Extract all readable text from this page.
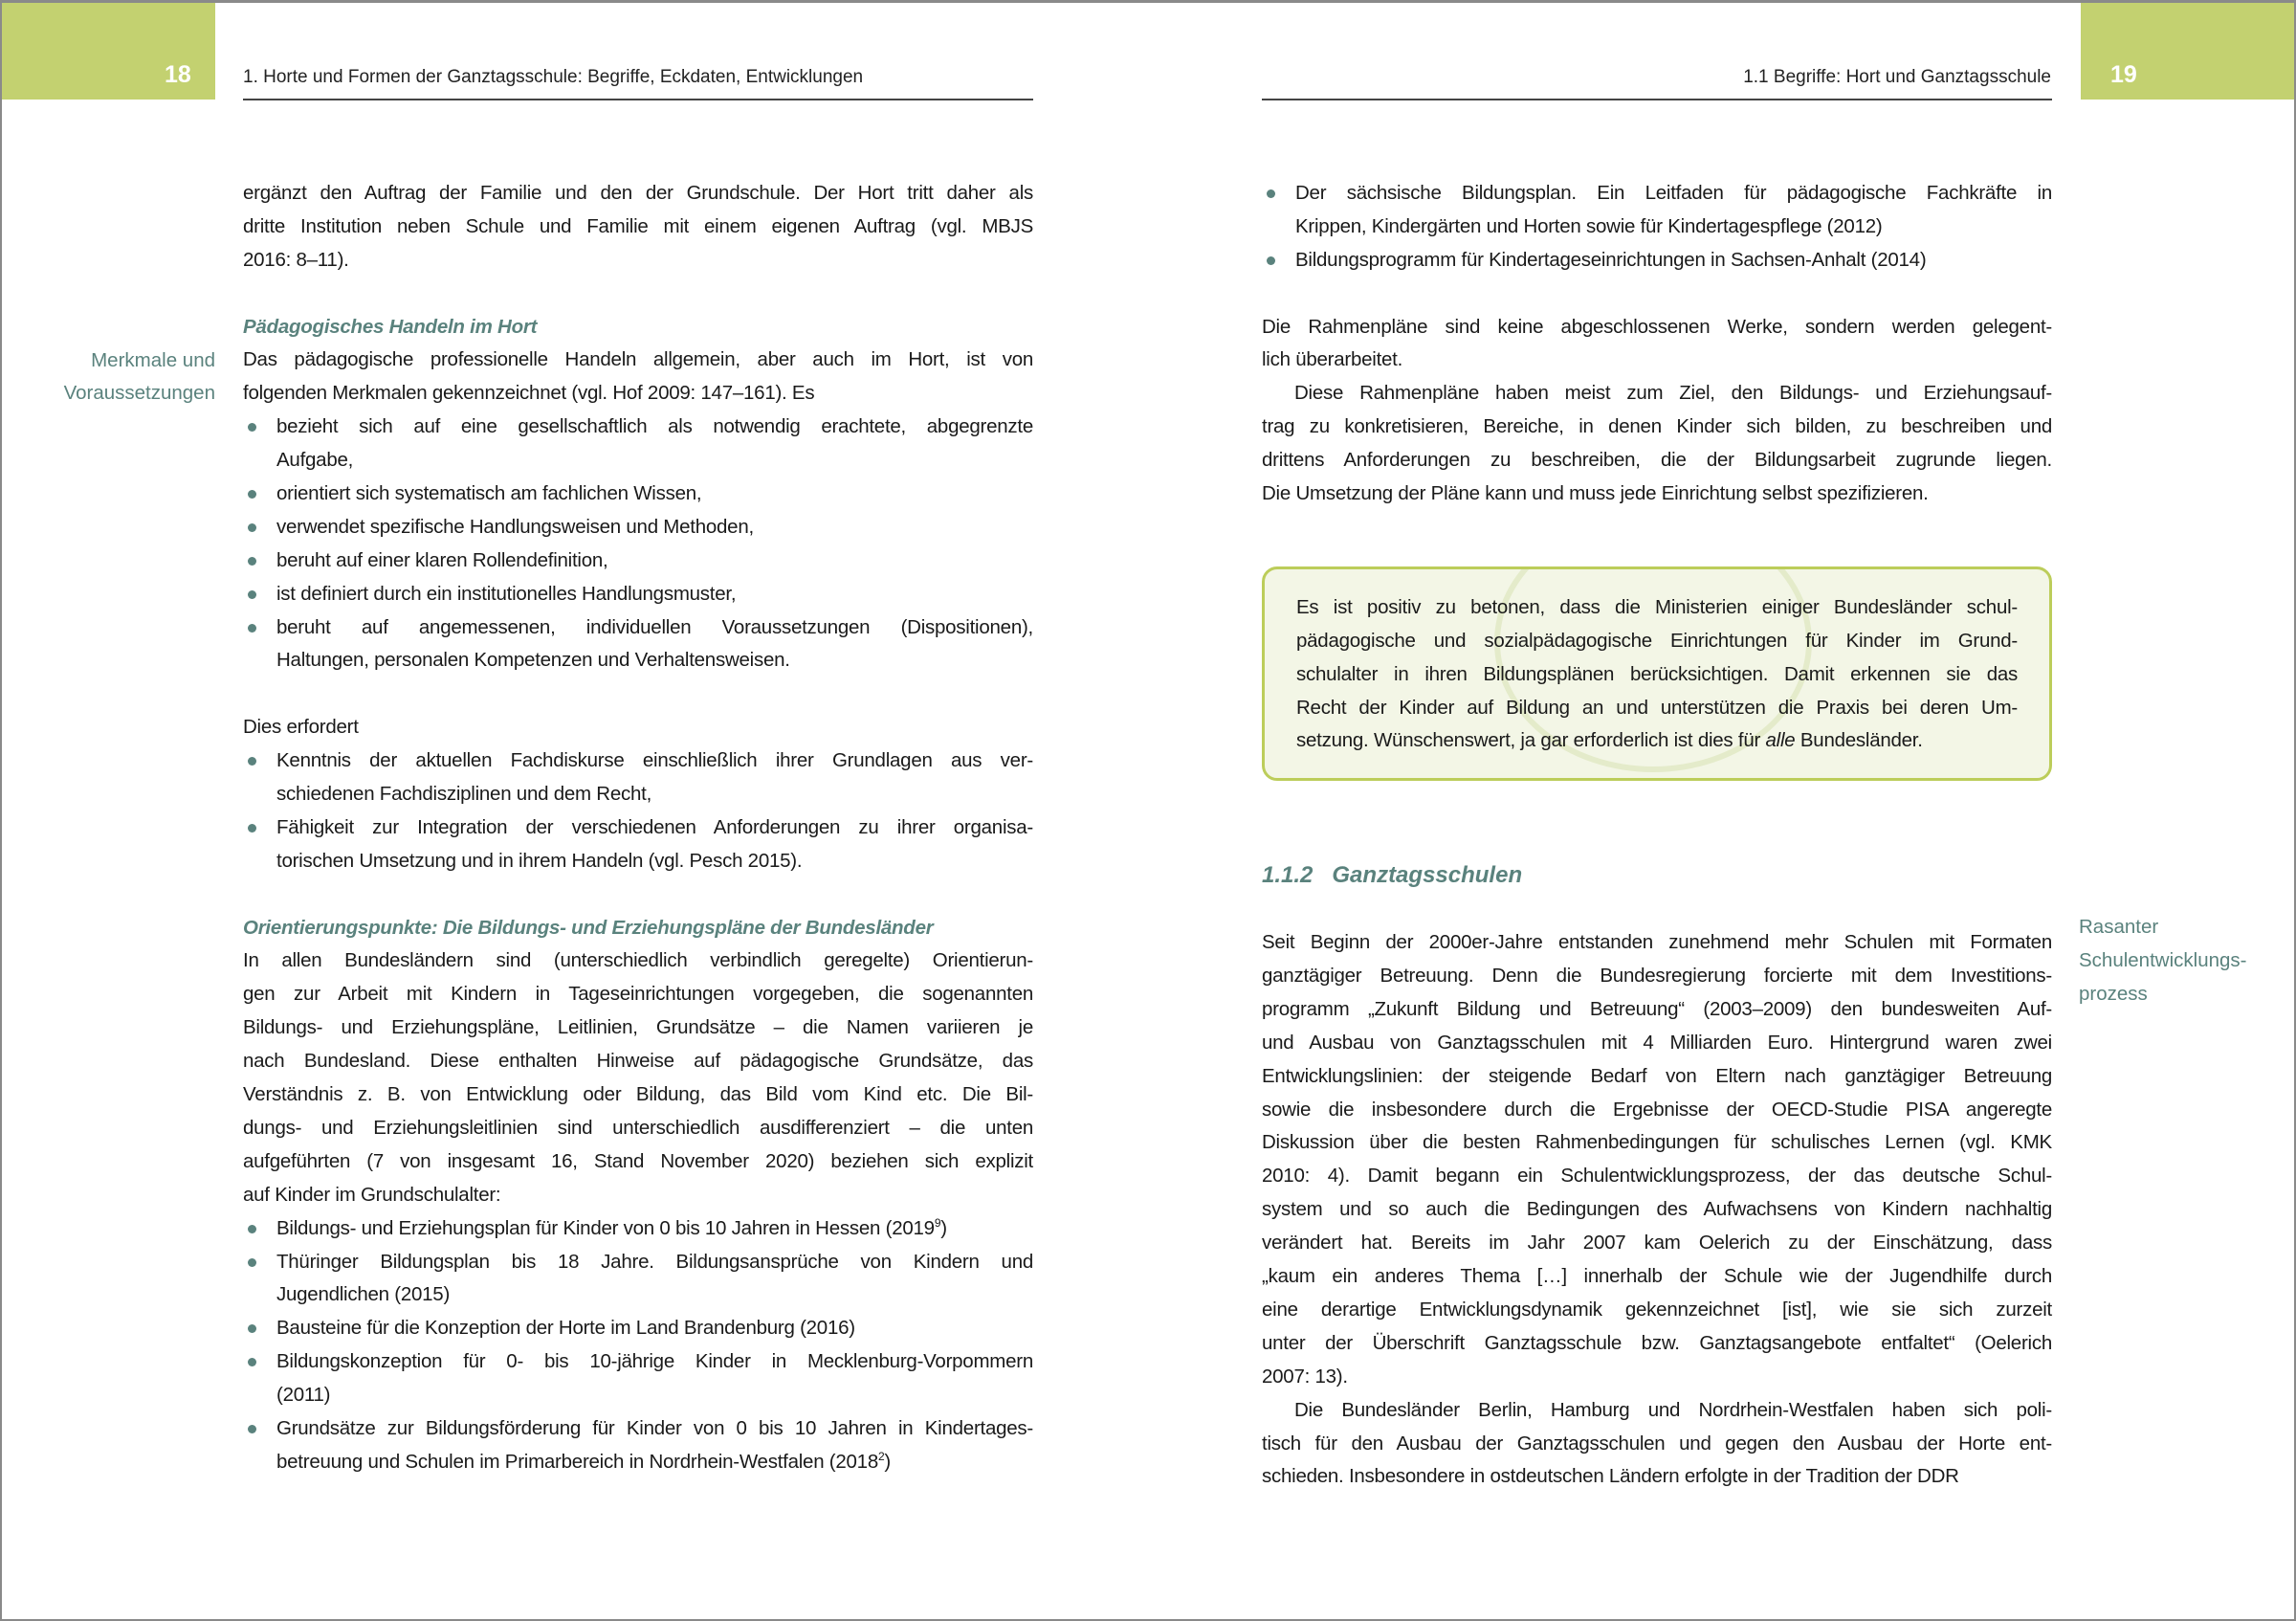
18	1. Horte und Formen der Ganztagsschule: Begriffe, Eckdaten, Entwicklungen	19
1.1 Begriffe: Hort und Ganztagsschule
Merkmale und
Voraussetzungen
Rasanter
Schulentwicklungs-
prozess
ergänzt den Auftrag der Familie und den der Grundschule. Der Hort tritt daher als
dritte Institution neben Schule und Familie mit einem eigenen Auftrag (vgl. MBJS
2016: 8–11).
Pädagogisches Handeln im Hort
Das pädagogische professionelle Handeln allgemein, aber auch im Hort, ist von
folgenden Merkmalen gekennzeichnet (vgl. Hof 2009: 147–161). Es
bezieht sich auf eine gesellschaftlich als notwendig erachtete, abgegrenzte
Aufgabe,
orientiert sich systematisch am fachlichen Wissen,
verwendet spezifische Handlungsweisen und Methoden,
beruht auf einer klaren Rollendefinition,
ist definiert durch ein institutionelles Handlungsmuster,
beruht auf angemessenen, individuellen Voraussetzungen (Dispositionen),
Haltungen, personalen Kompetenzen und Verhaltensweisen.
Dies erfordert
Kenntnis der aktuellen Fachdiskurse einschließlich ihrer Grundlagen aus ver-
schiedenen Fachdisziplinen und dem Recht,
Fähigkeit zur Integration der verschiedenen Anforderungen zu ihrer organisa-
torischen Umsetzung und in ihrem Handeln (vgl. Pesch 2015).
Orientierungspunkte: Die Bildungs- und Erziehungspläne der Bundesländer
In allen Bundesländern sind (unterschiedlich verbindlich geregelte) Orientierun-
gen zur Arbeit mit Kindern in Tageseinrichtungen vorgegeben, die sogenannten
Bildungs- und Erziehungspläne, Leitlinien, Grundsätze – die Namen variieren je
nach Bundesland. Diese enthalten Hinweise auf pädagogische Grundsätze, das
Verständnis z. B. von Entwicklung oder Bildung, das Bild vom Kind etc. Die Bil-
dungs- und Erziehungsleitlinien sind unterschiedlich ausdifferenziert – die unten
aufgeführten (7 von insgesamt 16, Stand November 2020) beziehen sich explizit
auf Kinder im Grundschulalter:
Bildungs- und Erziehungsplan für Kinder von 0 bis 10 Jahren in Hessen (2019$^9$)
Thüringer Bildungsplan bis 18 Jahre. Bildungsansprüche von Kindern und
Jugendlichen (2015)
Bausteine für die Konzeption der Horte im Land Brandenburg (2016)
Bildungskonzeption für 0- bis 10-jährige Kinder in Mecklenburg-Vorpommern
(2011)
Grundsätze zur Bildungsförderung für Kinder von 0 bis 10 Jahren in Kindertages-
betreuung und Schulen im Primarbereich in Nordrhein-Westfalen (2018$^2$)
Der sächsische Bildungsplan. Ein Leitfaden für pädagogische Fachkräfte in
Krippen, Kindergärten und Horten sowie für Kindertagespflege (2012)
Bildungsprogramm für Kindertageseinrichtungen in Sachsen-Anhalt (2014)
Die Rahmenpläne sind keine abgeschlossenen Werke, sondern werden gelegent-
lich überarbeitet.
Diese Rahmenpläne haben meist zum Ziel, den Bildungs- und Erziehungsauf-
trag zu konkretisieren, Bereiche, in denen Kinder sich bilden, zu beschreiben und
drittens Anforderungen zu beschreiben, die der Bildungsarbeit zugrunde liegen.
Die Umsetzung der Pläne kann und muss jede Einrichtung selbst spezifizieren.
Es ist positiv zu betonen, dass die Ministerien einiger Bundesländer schul-
pädagogische und sozialpädagogische Einrichtungen für Kinder im Grund-
schulalter in ihren Bildungsplänen berücksichtigen. Damit erkennen sie das
Recht der Kinder auf Bildung an und unterstützen die Praxis bei deren Um-
setzung. Wünschenswert, ja gar erforderlich ist dies für alle Bundesländer.
1.1.2 Ganztagsschulen
Seit Beginn der 2000er-Jahre entstanden zunehmend mehr Schulen mit Formaten
ganztägiger Betreuung. Denn die Bundesregierung forcierte mit dem Investitions-
programm „Zukunft Bildung und Betreuung“ (2003–2009) den bundesweiten Auf-
und Ausbau von Ganztagsschulen mit 4 Milliarden Euro. Hintergrund waren zwei
Entwicklungslinien: der steigende Bedarf von Eltern nach ganztägiger Betreuung
sowie die insbesondere durch die Ergebnisse der OECD-Studie PISA angeregte
Diskussion über die besten Rahmenbedingungen für schulisches Lernen (vgl. KMK
2010: 4). Damit begann ein Schulentwicklungsprozess, der das deutsche Schul-
system und so auch die Bedingungen des Aufwachsens von Kindern nachhaltig
verändert hat. Bereits im Jahr 2007 kam Oelerich zu der Einschätzung, dass
„kaum ein anderes Thema […] innerhalb der Schule wie der Jugendhilfe durch
eine derartige Entwicklungsdynamik gekennzeichnet [ist], wie sie sich zurzeit
unter der Überschrift Ganztagsschule bzw. Ganztagsangebote entfaltet“ (Oelerich
2007: 13).
Die Bundesländer Berlin, Hamburg und Nordrhein-Westfalen haben sich poli-
tisch für den Ausbau der Ganztagsschulen und gegen den Ausbau der Horte ent-
schieden. Insbesondere in ostdeutschen Ländern erfolgte in der Tradition der DDR
